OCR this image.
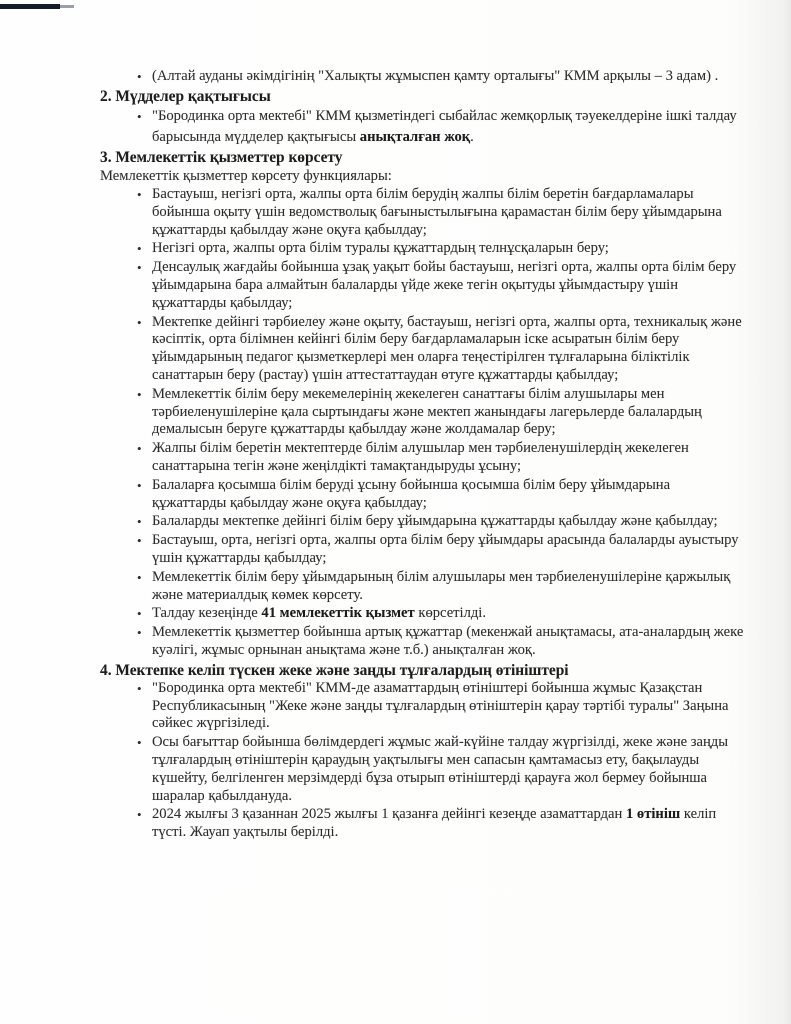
• (Алтай ауданы әкімдігінің "Халықты жұмыспен қамту орталығы" КММ арқылы – 3 адам) .
2. Мүдделер қақтығысы
• "Бородинка орта мектебі" КММ қызметіндегі сыбайлас жемқорлық тәуекелдеріне ішкі талдау барысында мүдделер қақтығысы анықталған жоқ.
3. Мемлекеттік қызметтер көрсету

Мемлекеттік қызметтер көрсету функциялары:

• Бастауыш, негізгі орта, жалпы орта білім берудің жалпы білім беретін бағдарламалары бойынша оқыту үшін ведомстволық бағыныстылығына қарамастан білім беру ұйымдарына құжаттарды қабылдау және оқуға қабылдау;
• Негізгі орта, жалпы орта білім туралы құжаттардың телнұсқаларын беру;
• Денсаулық жағдайы бойынша ұзақ уақыт бойы бастауыш, негізгі орта, жалпы орта білім беру ұйымдарына бара алмайтын балаларды үйде жеке тегін оқытуды ұйымдастыру үшін құжаттарды қабылдау;
• Мектепке дейінгі тәрбиелеу және оқыту, бастауыш, негізгі орта, жалпы орта, техникалық және кәсіптік, орта білімнен кейінгі білім беру бағдарламаларын іске асыратын білім беру ұйымдарының педагог қызметкерлері мен оларға теңестірілген тұлғаларына біліктілік санаттарын беру (растау) үшін аттестаттаудан өтуге құжаттарды қабылдау;
• Мемлекеттік білім беру мекемелерінің жекелеген санаттағы білім алушылары мен тәрбиеленушілеріне қала сыртындағы және мектеп жанындағы лагерьлерде балалардың демалысын беруге құжаттарды қабылдау және жолдамалар беру;
• Жалпы білім беретін мектептерде білім алушылар мен тәрбиеленушілердің жекелеген санаттарына тегін және жеңілдікті тамақтандыруды ұсыну;
• Балаларға қосымша білім беруді ұсыну бойынша қосымша білім беру ұйымдарына құжаттарды қабылдау және оқуға қабылдау;
• Балаларды мектепке дейінгі білім беру ұйымдарына құжаттарды қабылдау және қабылдау;
• Бастауыш, орта, негізгі орта, жалпы орта білім беру ұйымдары арасында балаларды ауыстыру үшін құжаттарды қабылдау;
• Мемлекеттік білім беру ұйымдарының білім алушылары мен тәрбиеленушілеріне қаржылық және материалдық көмек көрсету.
• Талдау кезеңінде 41 мемлекеттік қызмет көрсетілді.
• Мемлекеттік қызметтер бойынша артық құжаттар (мекенжай анықтамасы, ата-аналардың жеке куәлігі, жұмыс орнынан анықтама және т.б.) анықталған жоқ.
4. Мектепке келіп түскен жеке және заңды тұлғалардың өтініштері
• "Бородинка орта мектебі" КММ-де азаматтардың өтініштері бойынша жұмыс Қазақстан Республикасының "Жеке және заңды тұлғалардың өтініштерін қарау тәртібі туралы" Заңына сәйкес жүргізіледі.
• Осы бағыттар бойынша бөлімдердегі жұмыс жай-күйіне талдау жүргізілді, жеке және заңды тұлғалардың өтініштерін қараудың уақтылығы мен сапасын қамтамасыз ету, бақылауды күшейту, белгіленген мерзімдерді бұза отырып өтініштерді қарауға жол бермеу бойынша шаралар қабылдануда.
• 2024 жылғы 3 қазаннан 2025 жылғы 1 қазанға дейінгі кезеңде азаматтардан 1 өтініш келіп түсті. Жауап уақтылы берілді.
